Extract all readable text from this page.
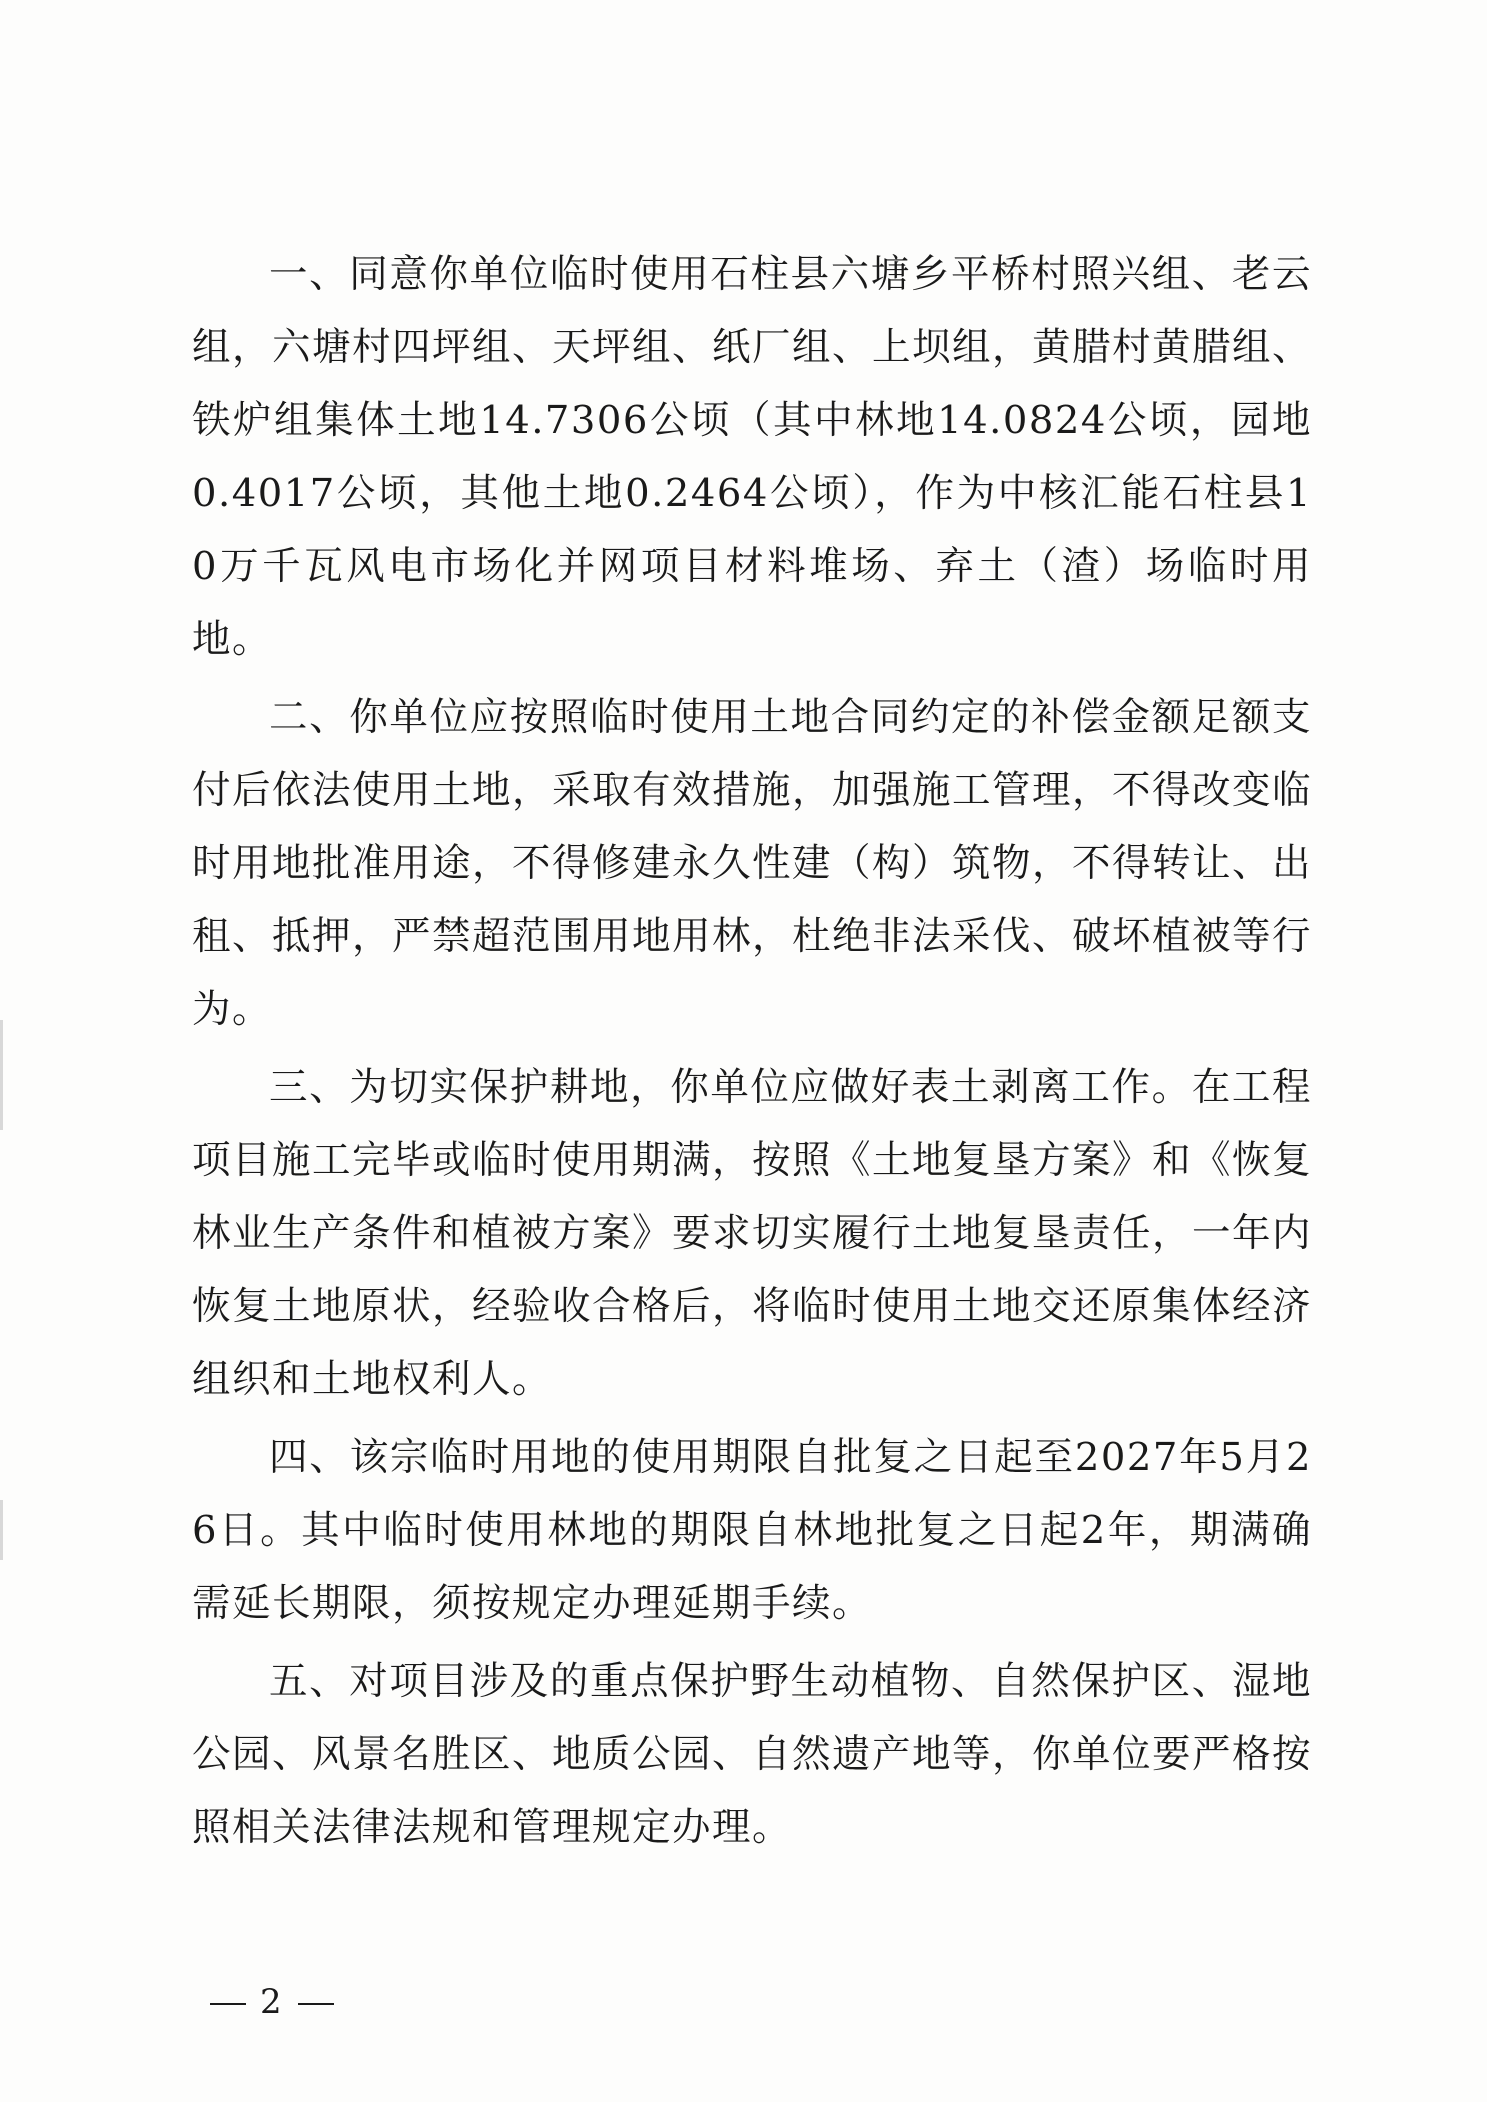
一、同意你单位临时使用石柱县六塘乡平桥村照兴组、老云组，六塘村四坪组、天坪组、纸厂组、上坝组，黄腊村黄腊组、铁炉组集体土地14.7306公顷（其中林地14.0824公顷，园地0.4017公顷，其他土地0.2464公顷），作为中核汇能石柱县10万千瓦风电市场化并网项目材料堆场、弃土（渣）场临时用地。

二、你单位应按照临时使用土地合同约定的补偿金额足额支付后依法使用土地，采取有效措施，加强施工管理，不得改变临时用地批准用途，不得修建永久性建（构）筑物，不得转让、出租、抵押，严禁超范围用地用林，杜绝非法采伐、破坏植被等行为。

三、为切实保护耕地，你单位应做好表土剥离工作。在工程项目施工完毕或临时使用期满，按照《土地复垦方案》和《恢复林业生产条件和植被方案》要求切实履行土地复垦责任，一年内恢复土地原状，经验收合格后，将临时使用土地交还原集体经济组织和土地权利人。

四、该宗临时用地的使用期限自批复之日起至2027年5月26日。其中临时使用林地的期限自林地批复之日起2年，期满确需延长期限，须按规定办理延期手续。

五、对项目涉及的重点保护野生动植物、自然保护区、湿地公园、风景名胜区、地质公园、自然遗产地等，你单位要严格按照相关法律法规和管理规定办理。

2
